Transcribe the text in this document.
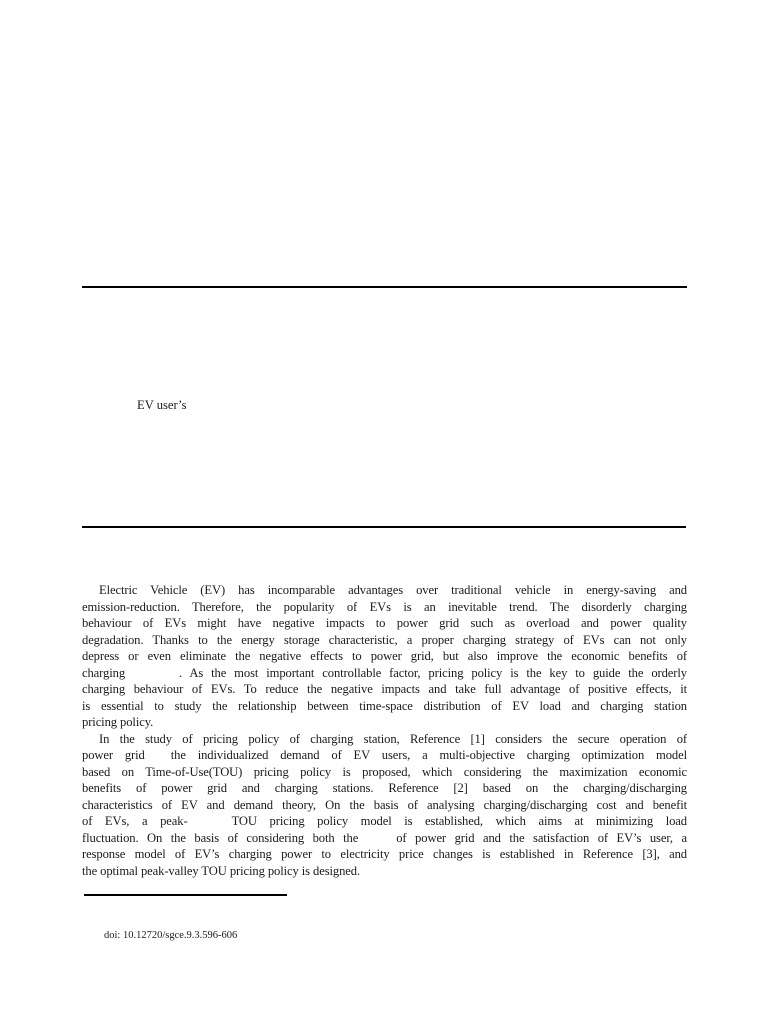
EV user’s
Electric Vehicle (EV) has incomparable advantages over traditional vehicle in energy-saving and
emission-reduction. Therefore, the popularity of EVs is an inevitable trend. The disorderly charging
behaviour of EVs might have negative impacts to power grid such as overload and power quality
degradation. Thanks to the energy storage characteristic, a proper charging strategy of EVs can not only
depress or even eliminate the negative effects to power grid, but also improve the economic benefits of
charging	. As the most important controllable factor, pricing policy is the key to guide the orderly
charging behaviour of EVs. To reduce the negative impacts and take full advantage of positive effects, it
is essential to study the relationship between time-space distribution of EV load and charging station
pricing policy.
In the study of pricing policy of charging station, Reference [1] considers the secure operation of
power grid the individualized demand of EV users, a multi-objective charging optimization model
based on Time-of-Use(TOU) pricing policy is proposed, which considering the maximization economic
benefits of power grid and charging stations. Reference [2] based on the charging/discharging
characteristics of EV and demand theory, On the basis of analysing charging/discharging cost and benefit
of EVs, a peak-	TOU pricing policy model is established, which aims at minimizing load
fluctuation. On the basis of considering both the	of power grid and the satisfaction of EV’s user, a
response model of EV’s charging power to electricity price changes is established in Reference [3], and
the optimal peak-valley TOU pricing policy is designed.
doi: 10.12720/sgce.9.3.596-606
